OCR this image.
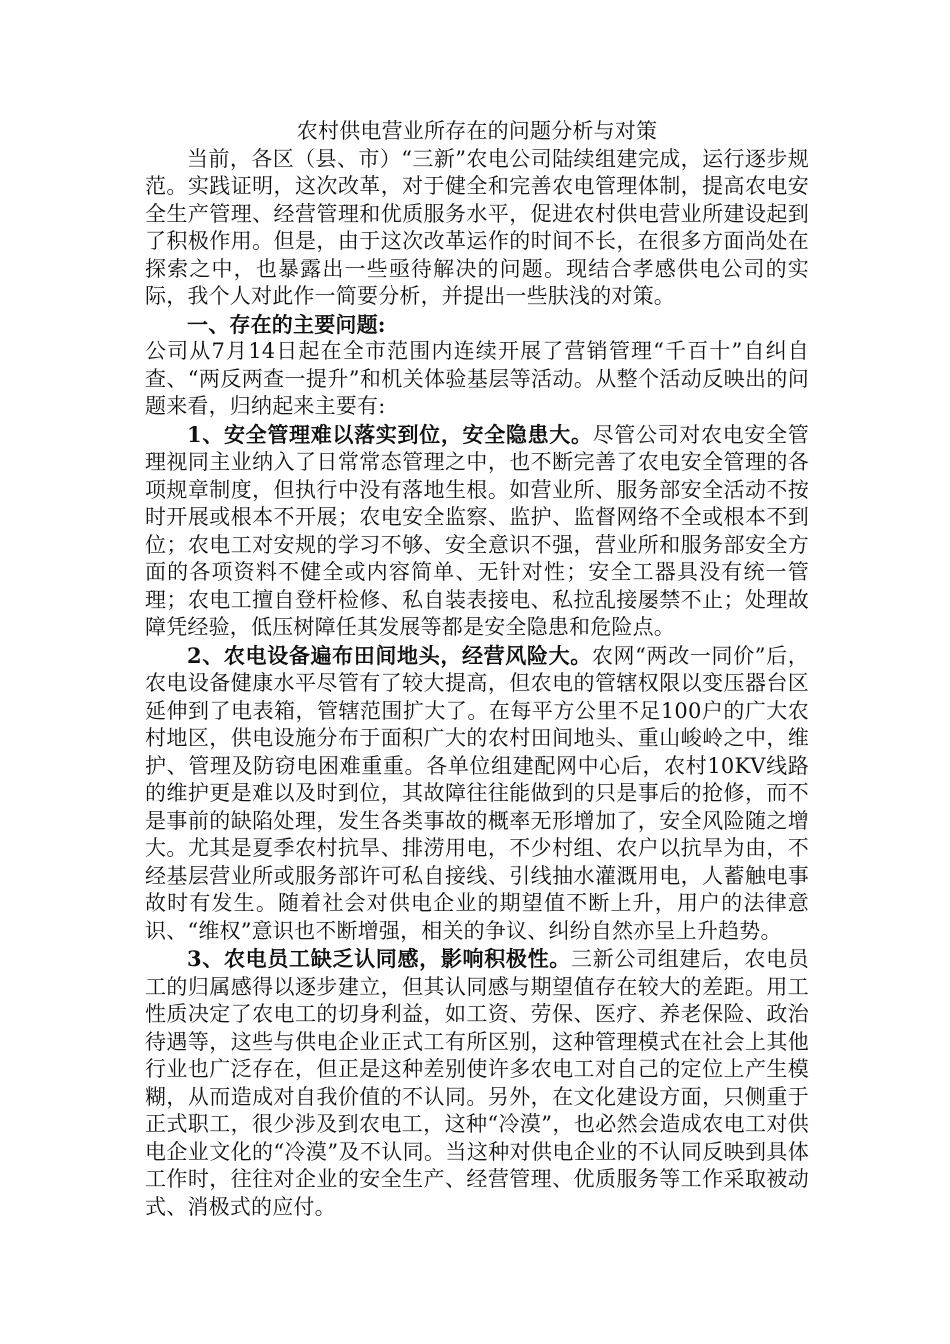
农村供电营业所存在的问题分析与对策

当前，各区（县、市）“三新”农电公司陆续组建完成，运行逐步规范。实践证明，这次改革，对于健全和完善农电管理体制，提高农电安全生产管理、经营管理和优质服务水平，促进农村供电营业所建设起到了积极作用。但是，由于这次改革运作的时间不长，在很多方面尚处在探索之中，也暴露出一些亟待解决的问题。现结合孝感供电公司的实际，我个人对此作一简要分析，并提出一些肤浅的对策。

一、存在的主要问题:

公司从7月14日起在全市范围内连续开展了营销管理“千百十”自纠自查、“两反两查一提升”和机关体验基层等活动。从整个活动反映出的问题来看，归纳起来主要有:

1、安全管理难以落实到位，安全隐患大。尽管公司对农电安全管理视同主业纳入了日常常态管理之中，也不断完善了农电安全管理的各项规章制度，但执行中没有落地生根。如营业所、服务部安全活动不按时开展或根本不开展；农电安全监察、监护、监督网络不全或根本不到位；农电工对安规的学习不够、安全意识不强，营业所和服务部安全方面的各项资料不健全或内容简单、无针对性；安全工器具没有统一管理；农电工擅自登杆检修、私自装表接电、私拉乱接屡禁不止；处理故障凭经验，低压树障任其发展等都是安全隐患和危险点。

2、农电设备遍布田间地头，经营风险大。农网“两改一同价”后，农电设备健康水平尽管有了较大提高，但农电的管辖权限以变压器台区延伸到了电表箱，管辖范围扩大了。在每平方公里不足100户的广大农村地区，供电设施分布于面积广大的农村田间地头、重山峻岭之中，维护、管理及防窃电困难重重。各单位组建配网中心后，农村10KV线路的维护更是难以及时到位，其故障往往能做到的只是事后的抢修，而不是事前的缺陷处理，发生各类事故的概率无形增加了，安全风险随之增大。尤其是夏季农村抗旱、排涝用电，不少村组、农户以抗旱为由，不经基层营业所或服务部许可私自接线、引线抽水灌溉用电，人蓄触电事故时有发生。随着社会对供电企业的期望值不断上升，用户的法律意识、“维权”意识也不断增强，相关的争议、纠纷自然亦呈上升趋势。

3、农电员工缺乏认同感，影响积极性。三新公司组建后，农电员工的归属感得以逐步建立，但其认同感与期望值存在较大的差距。用工性质决定了农电工的切身利益，如工资、劳保、医疗、养老保险、政治待遇等，这些与供电企业正式工有所区别，这种管理模式在社会上其他行业也广泛存在，但正是这种差别使许多农电工对自己的定位上产生模糊，从而造成对自我价值的不认同。另外，在文化建设方面，只侧重于正式职工，很少涉及到农电工，这种“冷漠”，也必然会造成农电工对供电企业文化的“冷漠”及不认同。当这种对供电企业的不认同反映到具体工作时，往往对企业的安全生产、经营管理、优质服务等工作采取被动式、消极式的应付。
